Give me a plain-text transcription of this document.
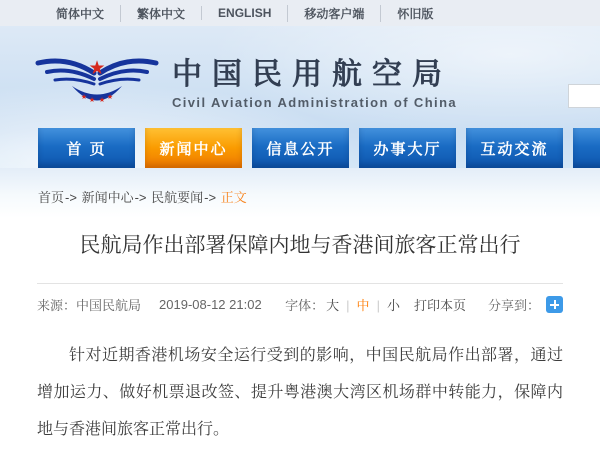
简体中文	繁体中文	ENGLISH	移动客户端	怀旧版
★
★ ★ ★ ★
中国民用航空局
Civil Aviation Administration of China
首 页	新闻中心	信息公开	办事大厅	互动交流
首页-> 新闻中心-> 民航要闻-> 正文
民航局作出部署保障内地与香港间旅客正常出行
来源： 中国民航局 2019-08-12 21:02 字体： 大 |	中 |	小 打印本页 分享到：

针对近期香港机场安全运行受到的影响，中国民航局作出部署，通过增加运力、做好机票退改签、提升粤港澳大湾区机场群中转能力，保障内地与香港间旅客正常出行。
